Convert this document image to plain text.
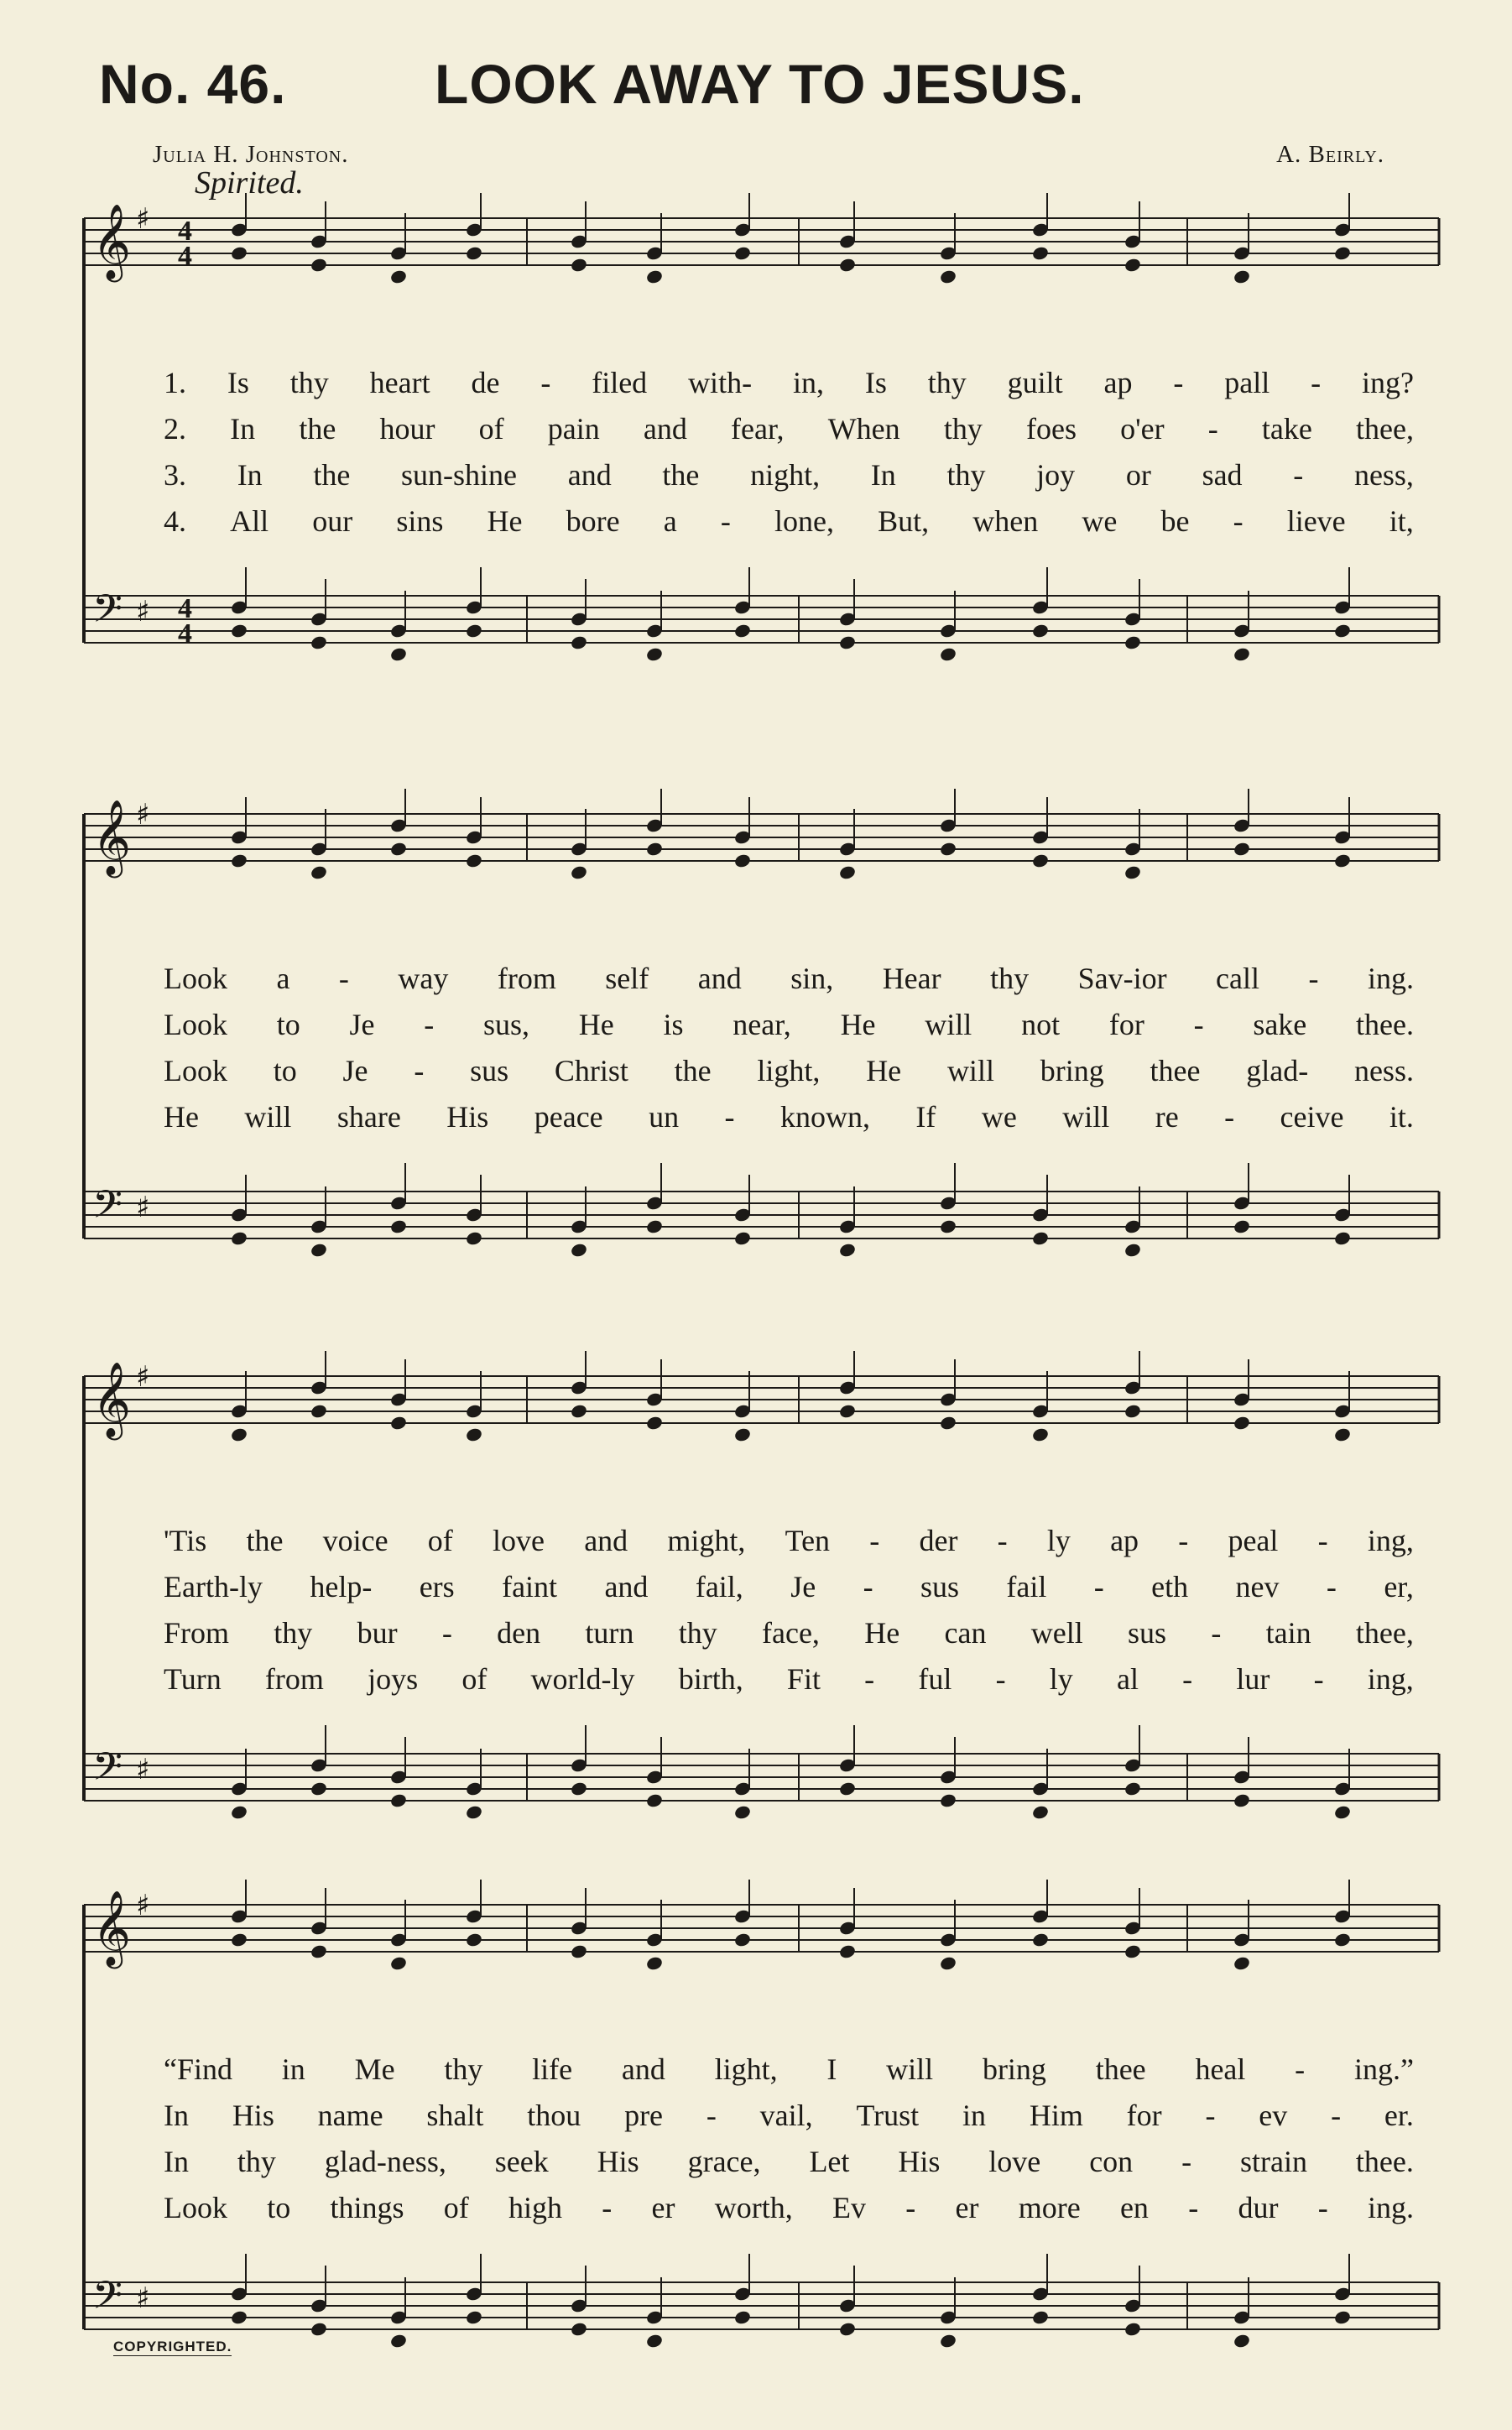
No. 46.	LOOK AWAY TO JESUS.
Julia H. Johnston.	A. Beirly.
Spirited.
𝄞 ♯
𝄢 ♯
4
4
4
4
1. Is thy heart de - filed with- in, Is thy guilt ap - pall - ing?
2. In the hour of pain and fear, When thy foes o'er - take thee,
3. In the sun-shine and the night, In thy joy or sad - ness,
4. All our sins He bore a - lone, But, when we be - lieve it,
𝄞 ♯
𝄢 ♯
Look a - way from self and sin, Hear thy Sav-ior call - ing.
Look to Je - sus, He is near, He will not for - sake thee.
Look to Je - sus Christ the light, He will bring thee glad- ness.
He will share His peace un - known, If we will re - ceive it.
𝄞 ♯
𝄢 ♯
'Tis the voice of love and might, Ten - der - ly ap - peal - ing,
Earth-ly help- ers faint and fail, Je - sus fail - eth nev - er,
From thy bur - den turn thy face, He can well sus - tain thee,
Turn from joys of world-ly birth, Fit - ful - ly al - lur - ing,
𝄞 ♯
𝄢 ♯
“Find in Me thy life and light, I will bring thee heal - ing.”
In His name shalt thou pre - vail, Trust in Him for - ev - er.
In thy glad-ness, seek His grace, Let His love con - strain thee.
Look to things of high - er worth, Ev - er more en - dur - ing.
COPYRIGHTED.
